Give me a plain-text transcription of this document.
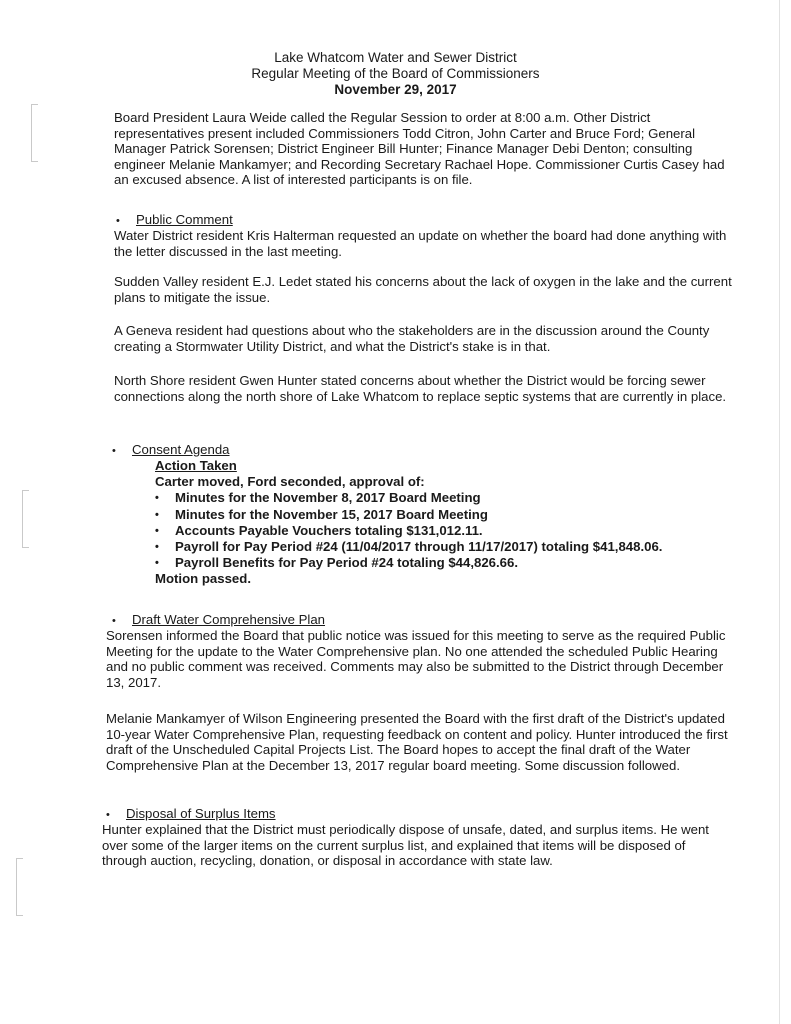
Lake Whatcom Water and Sewer District
Regular Meeting of the Board of Commissioners
November 29, 2017

Board President Laura Weide called the Regular Session to order at 8:00 a.m. Other District representatives present included Commissioners Todd Citron, John Carter and Bruce Ford; General Manager Patrick Sorensen; District Engineer Bill Hunter; Finance Manager Debi Denton; consulting engineer Melanie Mankamyer; and Recording Secretary Rachael Hope. Commissioner Curtis Casey had an excused absence. A list of interested participants is on file.

• Public Comment

Water District resident Kris Halterman requested an update on whether the board had done anything with the letter discussed in the last meeting.

Sudden Valley resident E.J. Ledet stated his concerns about the lack of oxygen in the lake and the current plans to mitigate the issue.

A Geneva resident had questions about who the stakeholders are in the discussion around the County creating a Stormwater Utility District, and what the District's stake is in that.

North Shore resident Gwen Hunter stated concerns about whether the District would be forcing sewer connections along the north shore of Lake Whatcom to replace septic systems that are currently in place.

• Consent Agenda
Action Taken
Carter moved, Ford seconded, approval of:
•	Minutes for the November 8, 2017 Board Meeting
•	Minutes for the November 15, 2017 Board Meeting
•	Accounts Payable Vouchers totaling $131,012.11.
•	Payroll for Pay Period #24 (11/04/2017 through 11/17/2017) totaling $41,848.06.
•	Payroll Benefits for Pay Period #24 totaling $44,826.66.
Motion passed.
• Draft Water Comprehensive Plan

Sorensen informed the Board that public notice was issued for this meeting to serve as the required Public Meeting for the update to the Water Comprehensive plan. No one attended the scheduled Public Hearing and no public comment was received. Comments may also be submitted to the District through December 13, 2017.

Melanie Mankamyer of Wilson Engineering presented the Board with the first draft of the District's updated 10-year Water Comprehensive Plan, requesting feedback on content and policy. Hunter introduced the first draft of the Unscheduled Capital Projects List. The Board hopes to accept the final draft of the Water Comprehensive Plan at the December 13, 2017 regular board meeting. Some discussion followed.

• Disposal of Surplus Items

Hunter explained that the District must periodically dispose of unsafe, dated, and surplus items. He went over some of the larger items on the current surplus list, and explained that items will be disposed of through auction, recycling, donation, or disposal in accordance with state law.
